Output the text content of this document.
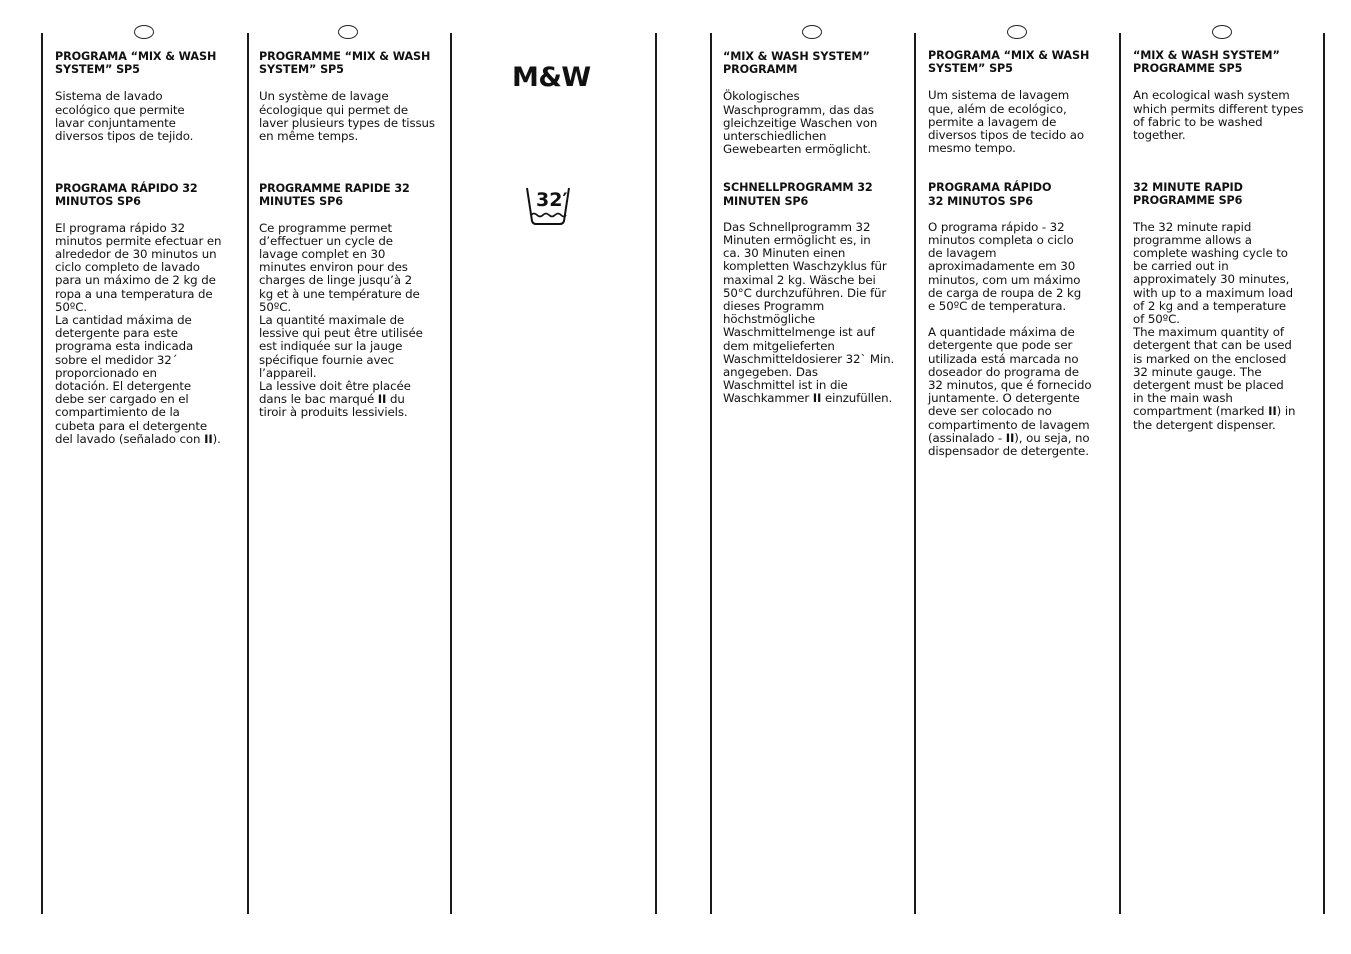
PROGRAMA “MIX & WASH
SYSTEM” SP5

Sistema de lavado
ecológico que permite
lavar conjuntamente
diversos tipos de tejido.

PROGRAMA RÁPIDO 32
MINUTOS SP6

El programa rápido 32
minutos permite efectuar en
alrededor de 30 minutos un
ciclo completo de lavado
para un máximo de 2 kg de
ropa a una temperatura de
50ºC.

La cantidad máxima de
detergente para este
programa esta indicada
sobre el medidor 32´
proporcionado en
dotación. El detergente
debe ser cargado en el
compartimiento de la
cubeta para el detergente
del lavado (señalado con II).

PROGRAMME “MIX & WASH
SYSTEM” SP5

Un système de lavage
écologique qui permet de
laver plusieurs types de tissus
en même temps.

PROGRAMME RAPIDE 32
MINUTES SP6

Ce programme permet
d’effectuer un cycle de
lavage complet en 30
minutes environ pour des
charges de linge jusqu’à 2
kg et à une température de
50ºC.

La quantité maximale de
lessive qui peut être utilisée
est indiquée sur la jauge
spécifique fournie avec
l’appareil.

La lessive doit être placée
dans le bac marqué II du
tiroir à produits lessiviels.

M&W
32′
“MIX & WASH SYSTEM”
PROGRAMM

Ökologisches
Waschprogramm, das das
gleichzeitige Waschen von
unterschiedlichen
Gewebearten ermöglicht.

SCHNELLPROGRAMM 32
MINUTEN SP6

Das Schnellprogramm 32
Minuten ermöglicht es, in
ca. 30 Minuten einen
kompletten Waschzyklus für
maximal 2 kg. Wäsche bei
50°C durchzuführen. Die für
dieses Programm
höchstmögliche
Waschmittelmenge ist auf
dem mitgelieferten
Waschmitteldosierer 32` Min.
angegeben. Das
Waschmittel ist in die
Waschkammer II einzufüllen.

PROGRAMA “MIX & WASH
SYSTEM” SP5

Um sistema de lavagem
que, além de ecológico,
permite a lavagem de
diversos tipos de tecido ao
mesmo tempo.

PROGRAMA RÁPIDO
32 MINUTOS SP6

O programa rápido - 32
minutos completa o ciclo
de lavagem
aproximadamente em 30
minutos, com um máximo
de carga de roupa de 2 kg
e 50ºC de temperatura.

A quantidade máxima de
detergente que pode ser
utilizada está marcada no
doseador do programa de
32 minutos, que é fornecido
juntamente. O detergente
deve ser colocado no
compartimento de lavagem
(assinalado - II), ou seja, no
dispensador de detergente.

“MIX & WASH SYSTEM”
PROGRAMME SP5

An ecological wash system
which permits different types
of fabric to be washed
together.

32 MINUTE RAPID
PROGRAMME SP6

The 32 minute rapid
programme allows a
complete washing cycle to
be carried out in
approximately 30 minutes,
with up to a maximum load
of 2 kg and a temperature
of 50ºC.

The maximum quantity of
detergent that can be used
is marked on the enclosed
32 minute gauge. The
detergent must be placed
in the main wash
compartment (marked II) in
the detergent dispenser.
